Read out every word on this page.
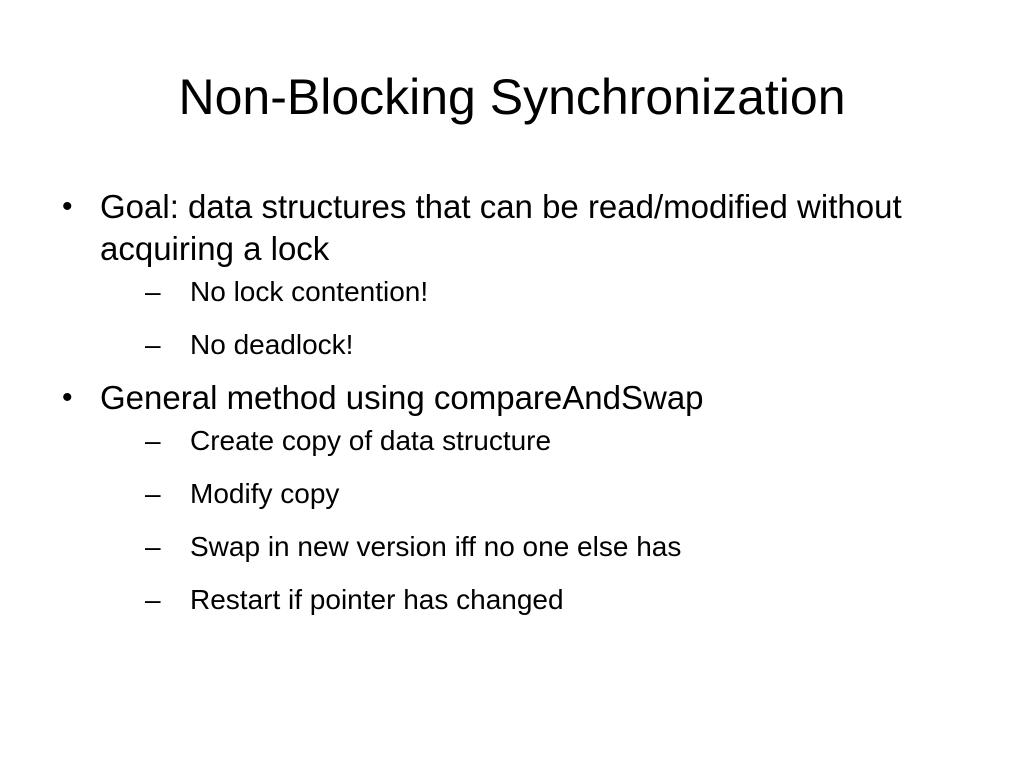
Non-Blocking Synchronization
• Goal: data structures that can be read/modified without acquiring a lock
–	No lock contention!
–	No deadlock!
• General method using compareAndSwap
–	Create copy of data structure
–	Modify copy
–	Swap in new version iff no one else has
–	Restart if pointer has changed
